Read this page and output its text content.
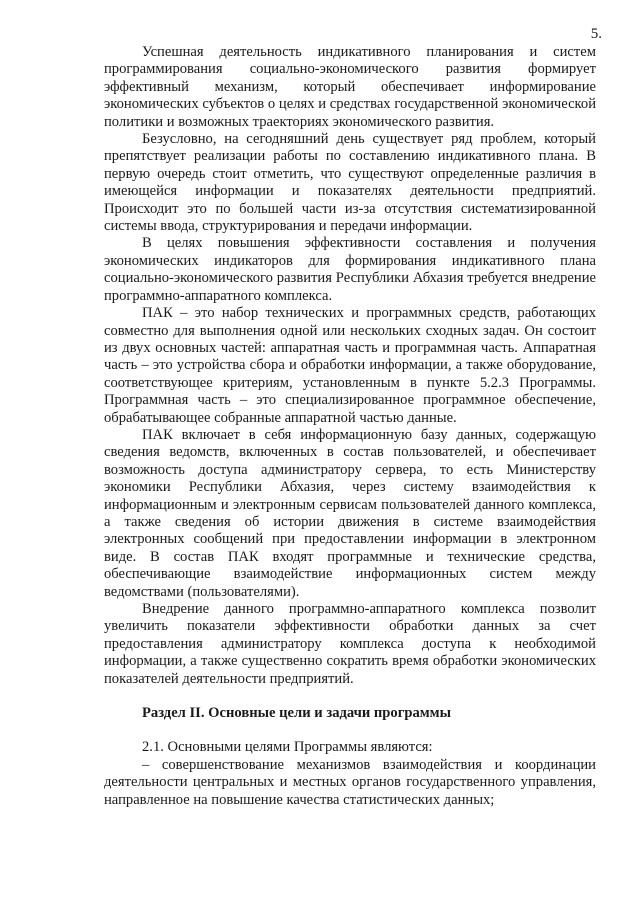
5.

Успешная деятельность индикативного планирования и систем программирования социально-экономического развития формирует эффективный механизм, который обеспечивает информирование экономических субъектов о целях и средствах государственной экономической политики и возможных траекториях экономического развития.

Безусловно, на сегодняшний день существует ряд проблем, который препятствует реализации работы по составлению индикативного плана. В первую очередь стоит отметить, что существуют определенные различия в имеющейся информации и показателях деятельности предприятий. Происходит это по большей части из-за отсутствия систематизированной системы ввода, структурирования и передачи информации.

В целях повышения эффективности составления и получения экономических индикаторов для формирования индикативного плана социально-экономического развития Республики Абхазия требуется внедрение программно-аппаратного комплекса.

ПАК – это набор технических и программных средств, работающих совместно для выполнения одной или нескольких сходных задач. Он состоит из двух основных частей: аппаратная часть и программная часть. Аппаратная часть – это устройства сбора и обработки информации, а также оборудование, соответствующее критериям, установленным в пункте 5.2.3 Программы. Программная часть – это специализированное программное обеспечение, обрабатывающее собранные аппаратной частью данные.

ПАК включает в себя информационную базу данных, содержащую сведения ведомств, включенных в состав пользователей, и обеспечивает возможность доступа администратору сервера, то есть Министерству экономики Республики Абхазия, через систему взаимодействия к информационным и электронным сервисам пользователей данного комплекса, а также сведения об истории движения в системе взаимодействия электронных сообщений при предоставлении информации в электронном виде. В состав ПАК входят программные и технические средства, обеспечивающие взаимодействие информационных систем между ведомствами (пользователями).

Внедрение данного программно-аппаратного комплекса позволит увеличить показатели эффективности обработки данных за счет предоставления администратору комплекса доступа к необходимой информации, а также существенно сократить время обработки экономических показателей деятельности предприятий.

Раздел II. Основные цели и задачи программы

2.1. Основными целями Программы являются:

– совершенствование механизмов взаимодействия и координации деятельности центральных и местных органов государственного управления, направленное на повышение качества статистических данных;
